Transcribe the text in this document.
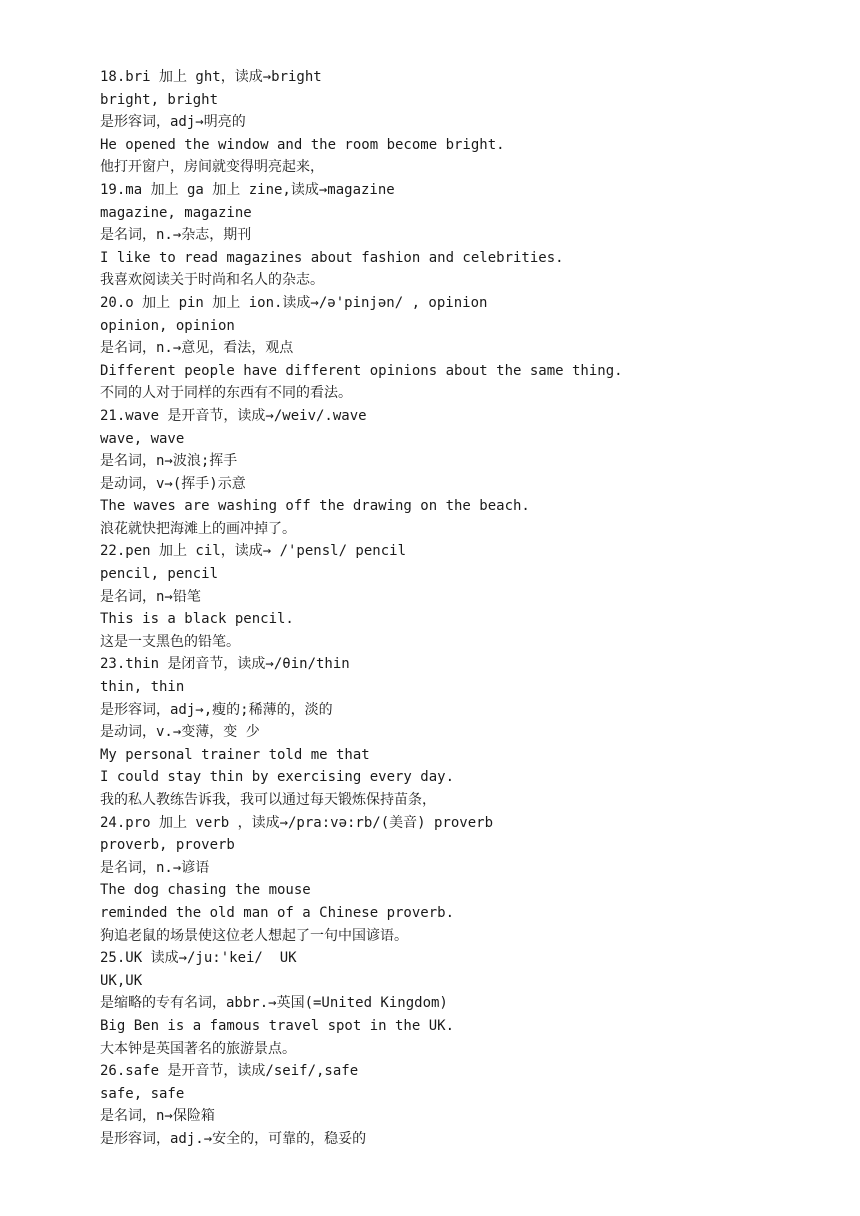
18.bri 加上 ght，读成→bright
bright, bright
是形容词，adj→明亮的
He opened the window and the room become bright.
他打开窗户，房间就变得明亮起来，
19.ma 加上 ga 加上 zine,读成→magazine
magazine, magazine
是名词，n.→杂志，期刊
I like to read magazines about fashion and celebrities.
我喜欢阅读关于时尚和名人的杂志。
20.o 加上 pin 加上 ion.读成→/ə'pinjən/ , opinion
opinion, opinion
是名词，n.→意见，看法，观点
Different people have different opinions about the same thing.
不同的人对于同样的东西有不同的看法。
21.wave 是开音节，读成→/weiv/.wave
wave, wave
是名词，n→波浪;挥手
是动词，v→(挥手)示意
The waves are washing off the drawing on the beach.
浪花就快把海滩上的画冲掉了。
22.pen 加上 cil，读成→ /'pensl/ pencil
pencil, pencil
是名词，n→铅笔
This is a black pencil.
这是一支黑色的铅笔。
23.thin 是闭音节，读成→/θin/thin
thin, thin
是形容词，adj→,瘦的;稀薄的，淡的
是动词，v.→变薄，变 少
My personal trainer told me that
I could stay thin by exercising every day.
我的私人教练告诉我，我可以通过每天锻炼保持苗条，
24.pro 加上 verb ，读成→/pra:və:rb/(美音) proverb
proverb, proverb
是名词，n.→谚语
The dog chasing the mouse
reminded the old man of a Chinese proverb.
狗追老鼠的场景使这位老人想起了一句中国谚语。
25.UK 读成→/ju:'kei/  UK
UK,UK
是缩略的专有名词，abbr.→英国(=United Kingdom)
Big Ben is a famous travel spot in the UK.
大本钟是英国著名的旅游景点。
26.safe 是开音节，读成/seif/,safe
safe, safe
是名词，n→保险箱
是形容词，adj.→安全的，可靠的，稳妥的
